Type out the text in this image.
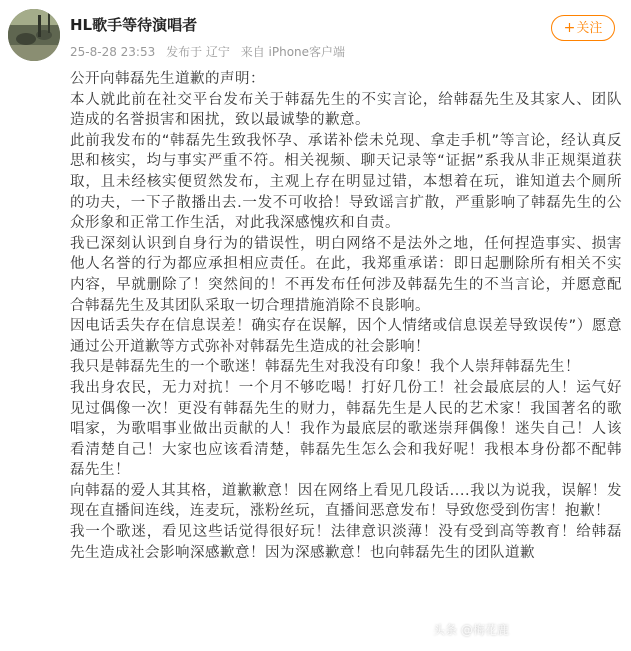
HL歌手等待演唱者
25-8-28 23:53 发布于 辽宁 来自 iPhone客户端
+关注

公开向韩磊先生道歉的声明：

本人就此前在社交平台发布关于韩磊先生的不实言论，给韩磊先生及其家人、团队造成的名誉损害和困扰，致以最诚挚的歉意。

此前我发布的“韩磊先生致我怀孕、承诺补偿未兑现、拿走手机”等言论，经认真反思和核实，均与事实严重不符。相关视频、聊天记录等“证据”系我从非正规渠道获取，且未经核实便贸然发布，主观上存在明显过错，本想着在玩，谁知道去个厕所的功夫，一下子散播出去.一发不可收拾！导致谣言扩散，严重影响了韩磊先生的公众形象和正常工作生活，对此我深感愧疚和自责。

我已深刻认识到自身行为的错误性，明白网络不是法外之地，任何捏造事实、损害他人名誉的行为都应承担相应责任。在此，我郑重承诺：即日起删除所有相关不实内容，早就删除了！突然间的！不再发布任何涉及韩磊先生的不当言论，并愿意配合韩磊先生及其团队采取一切合理措施消除不良影响。

因电话丢失存在信息误差！确实存在误解，因个人情绪或信息误差导致误传”）愿意通过公开道歉等方式弥补对韩磊先生造成的社会影响！

我只是韩磊先生的一个歌迷！韩磊先生对我没有印象！我个人崇拜韩磊先生！

我出身农民，无力对抗！一个月不够吃喝！打好几份工！社会最底层的人！运气好见过偶像一次！更没有韩磊先生的财力，韩磊先生是人民的艺术家！我国著名的歌唱家，为歌唱事业做出贡献的人！我作为最底层的歌迷崇拜偶像！迷失自己！人该看清楚自己！大家也应该看清楚，韩磊先生怎么会和我好呢！我根本身份都不配韩磊先生！

向韩磊的爱人其其格，道歉歉意！因在网络上看见几段话....我以为说我，误解！发现在直播间连线，连麦玩，涨粉丝玩，直播间恶意发布！导致您受到伤害！抱歉！

我一个歌迷，看见这些话觉得很好玩！法律意识淡薄！没有受到高等教育！给韩磊先生造成社会影响深感歉意！因为深感歉意！也向韩磊先生的团队道歉

头条 @梅花鹿
